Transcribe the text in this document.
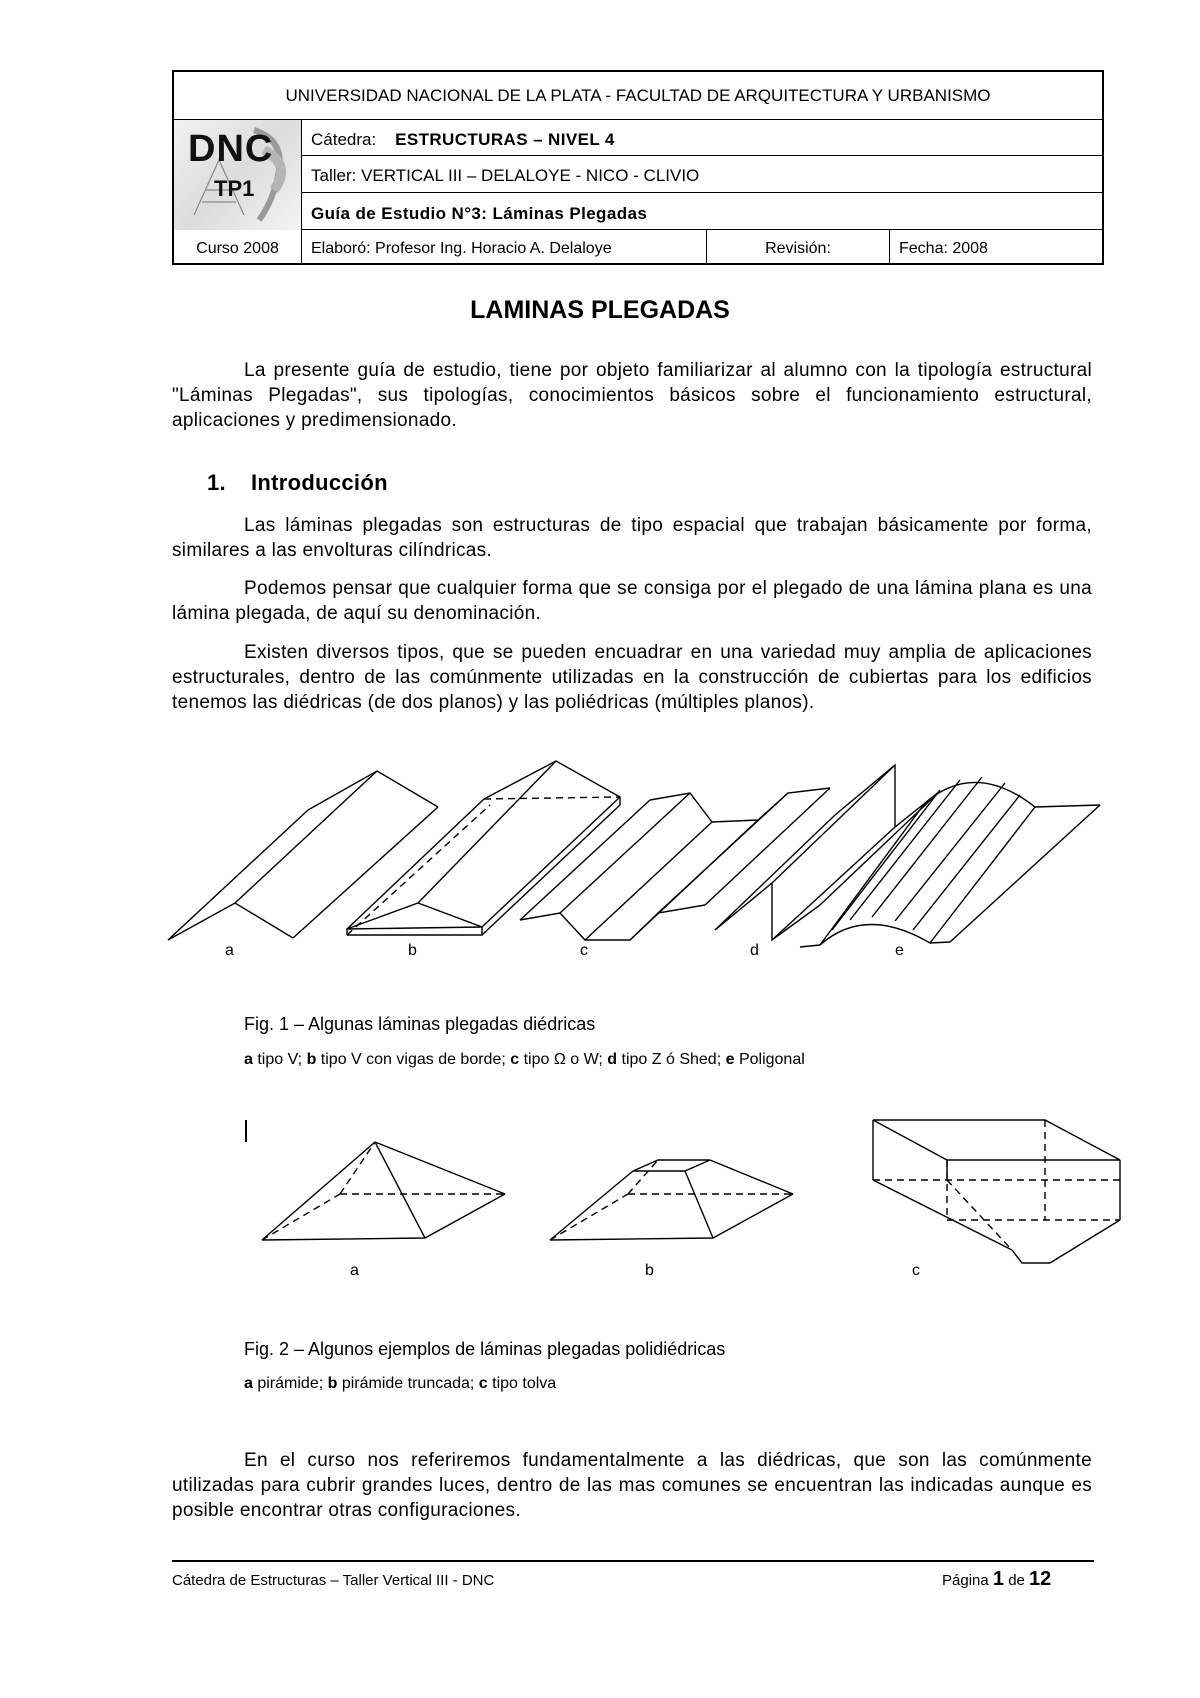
UNIVERSIDAD NACIONAL DE LA PLATA - FACULTAD DE ARQUITECTURA Y URBANISMO
DNC
TP1
Cátedra: ESTRUCTURAS – NIVEL 4
Taller: VERTICAL III – DELALOYE - NICO - CLIVIO
Guía de Estudio N°3: Láminas Plegadas
Curso 2008	Elaboró: Profesor Ing. Horacio A. Delaloye	Revisión:	Fecha: 2008
LAMINAS PLEGADAS

La presente guía de estudio, tiene por objeto familiarizar al alumno con la tipología estructural "Láminas Plegadas", sus tipologías, conocimientos básicos sobre el funcionamiento estructural, aplicaciones y predimensionado.

1. Introducción

Las láminas plegadas son estructuras de tipo espacial que trabajan básicamente por forma, similares a las envolturas cilíndricas.

Podemos pensar que cualquier forma que se consiga por el plegado de una lámina plana es una lámina plegada, de aquí su denominación.

Existen diversos tipos, que se pueden encuadrar en una variedad muy amplia de aplicaciones estructurales, dentro de las comúnmente utilizadas en la construcción de cubiertas para los edificios tenemos las diédricas (de dos planos) y las poliédricas (múltiples planos).

a	b	c	d	e
Fig. 1 – Algunas láminas plegadas diédricas
a tipo V; b tipo V con vigas de borde; c tipo Ω o W; d tipo Z ó Shed; e Poligonal
a	b	c
Fig. 2 – Algunos ejemplos de láminas plegadas polidiédricas
a pirámide; b pirámide truncada; c tipo tolva

En el curso nos referiremos fundamentalmente a las diédricas, que son las comúnmente utilizadas para cubrir grandes luces, dentro de las mas comunes se encuentran las indicadas aunque es posible encontrar otras configuraciones.

Cátedra de Estructuras – Taller Vertical III - DNC	Página 1 de 12
